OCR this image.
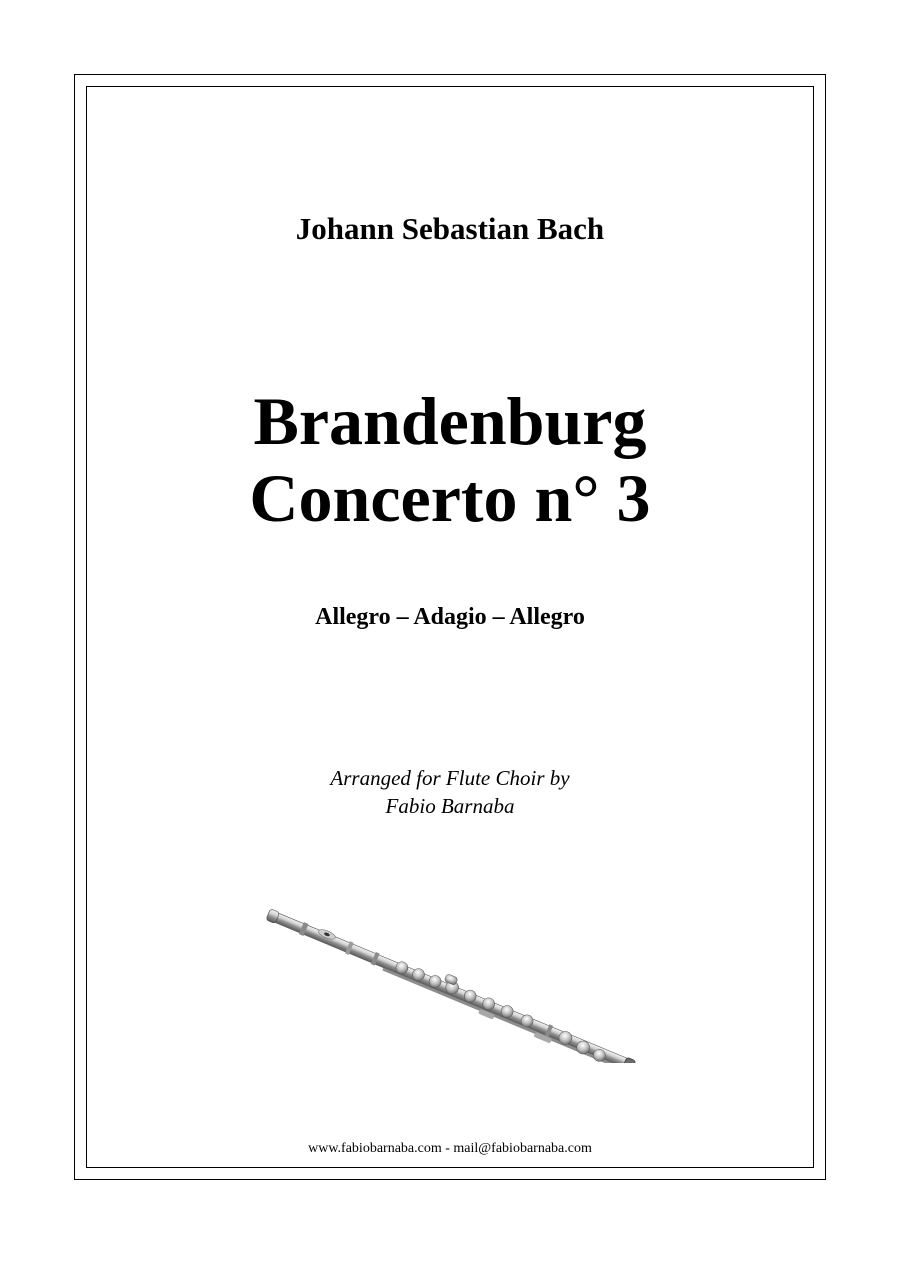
Johann Sebastian Bach
Brandenburg
Concerto n° 3
Allegro – Adagio – Allegro
Arranged for Flute Choir by
Fabio Barnaba
www.fabiobarnaba.com - mail@fabiobarnaba.com
